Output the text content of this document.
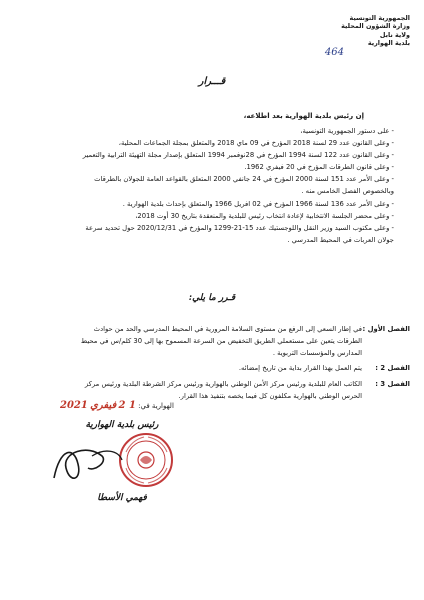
الجمهورية التونسية
وزارة الشؤون المحلية
ولاية نابل
بلدية الهوارية
464
قـــرار
إن رئيس بلدية الهوارية بعد اطلاعه،
- على دستور الجمهورية التونسية،
- وعلى القانون عدد 29 لسنة 2018 المؤرخ في 09 ماي 2018 والمتعلق بمجلة الجماعات المحلية،
- وعلى القانون عدد 122 لسنة 1994 المؤرخ في 28نوفمبر 1994 المتعلق بإصدار مجلة التهيئة الترابية والتعمير
- وعلى قانون الطرقات المؤرخ في 20 فيفري 1962.
- وعلى الأمر عدد 151 لسنة 2000 المؤرخ في 24 جانفي 2000 المتعلق بالقواعد العامة للجولان بالطرقات
وبالخصوص الفصل الخامس منه .
- وعلى الأمر عدد 136 لسنة 1966 المؤرخ في 02 افريل 1966 والمتعلق بإحداث بلدية الهوارية .
- وعلى محضر الجلسة الانتخابية لإعادة انتخاب رئيس للبلدية والمنعقدة بتاريخ 30 أوت 2018،
- وعلى مكتوب السيد وزير النقل واللوجستيك عدد 15-21-1299 والمؤرخ في 2020/12/31 حول تحديد سرعة
جولان العربات في المحيط المدرسي .
قـرر ما يلي:
الفصل الأول :
في إطار السعي إلى الرفع من مستوى السلامة المرورية في المحيط المدرسي والحد من حوادث
الطرقات يتعين على مستعملي الطريق التخفيض من السرعة المسموح بها إلى 30 كلم/س في محيط
المدارس والمؤسسات التربوية .
الفصل 2 :
يتم العمل بهذا القرار بداية من تاريخ إمضائه.
الفصل 3 :
الكاتب العام للبلدية ورئيس مركز الأمن الوطني بالهوارية ورئيس مركز الشرطة البلدية ورئيس مركز
الحرس الوطني بالهوارية مكلفون كل فيما يخصه بتنفيذ هذا القرار.
الهوارية في: 1 2 فيفري 2021
رئيس بلدية الهوارية
فهمي الأسطا
